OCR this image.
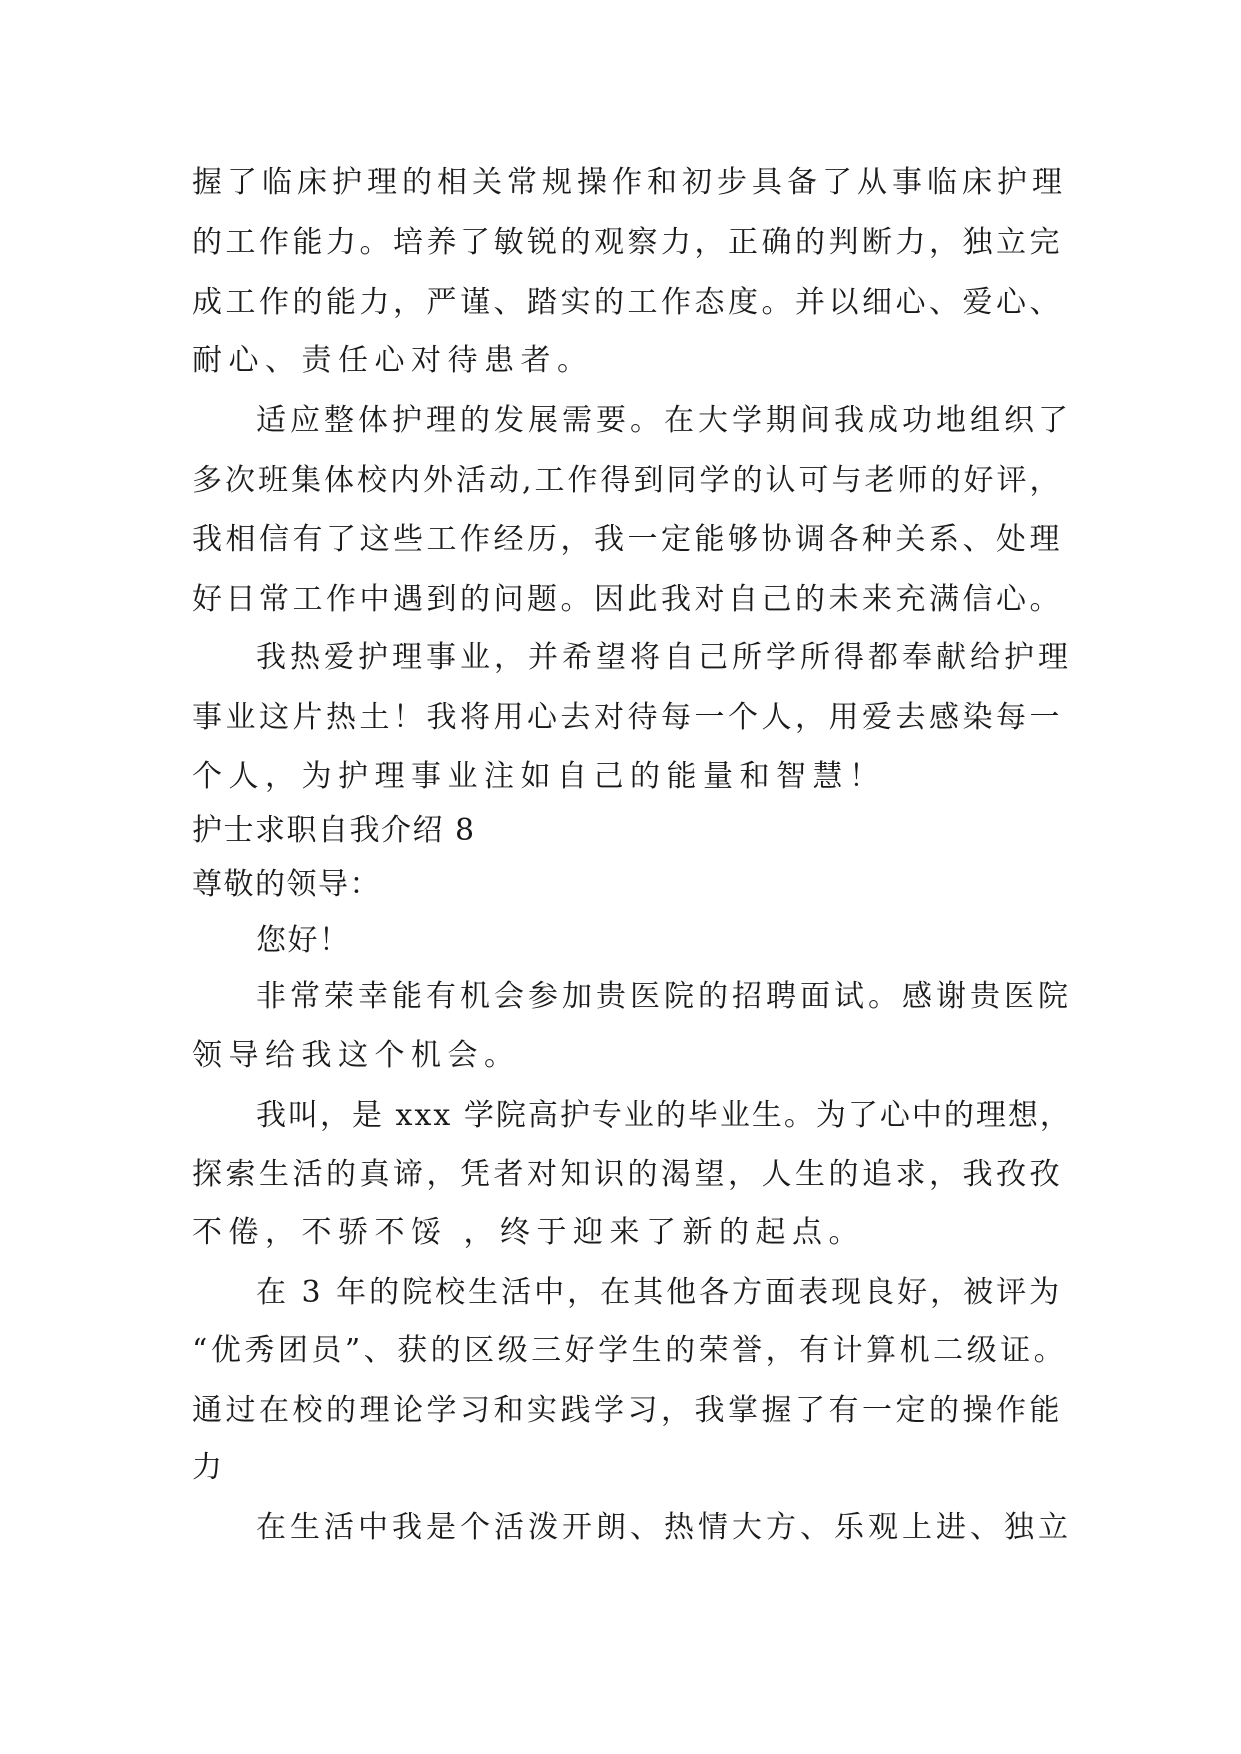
握了临床护理的相关常规操作和初步具备了从事临床护理
的工作能力。培养了敏锐的观察力，正确的判断力，独立完
成工作的能力，严谨、踏实的工作态度。并以细心、爱心、
耐心、责任心对待患者。
适应整体护理的发展需要。在大学期间我成功地组织了
多次班集体校内外活动,工作得到同学的认可与老师的好评，
我相信有了这些工作经历，我一定能够协调各种关系、处理
好日常工作中遇到的问题。因此我对自己的未来充满信心。
我热爱护理事业，并希望将自己所学所得都奉献给护理
事业这片热土！我将用心去对待每一个人，用爱去感染每一
个人，为护理事业注如自己的能量和智慧！
护士求职自我介绍 8
尊敬的领导：
您好！
非常荣幸能有机会参加贵医院的招聘面试。感谢贵医院
领导给我这个机会。
我叫，是 xxx 学院高护专业的毕业生。为了心中的理想，
探索生活的真谛，凭者对知识的渴望，人生的追求，我孜孜
不倦，不骄不馁 ，终于迎来了新的起点。
在 3 年的院校生活中，在其他各方面表现良好，被评为
“优秀团员”、获的区级三好学生的荣誉，有计算机二级证。
通过在校的理论学习和实践学习，我掌握了有一定的操作能
力
在生活中我是个活泼开朗、热情大方、乐观上进、独立
